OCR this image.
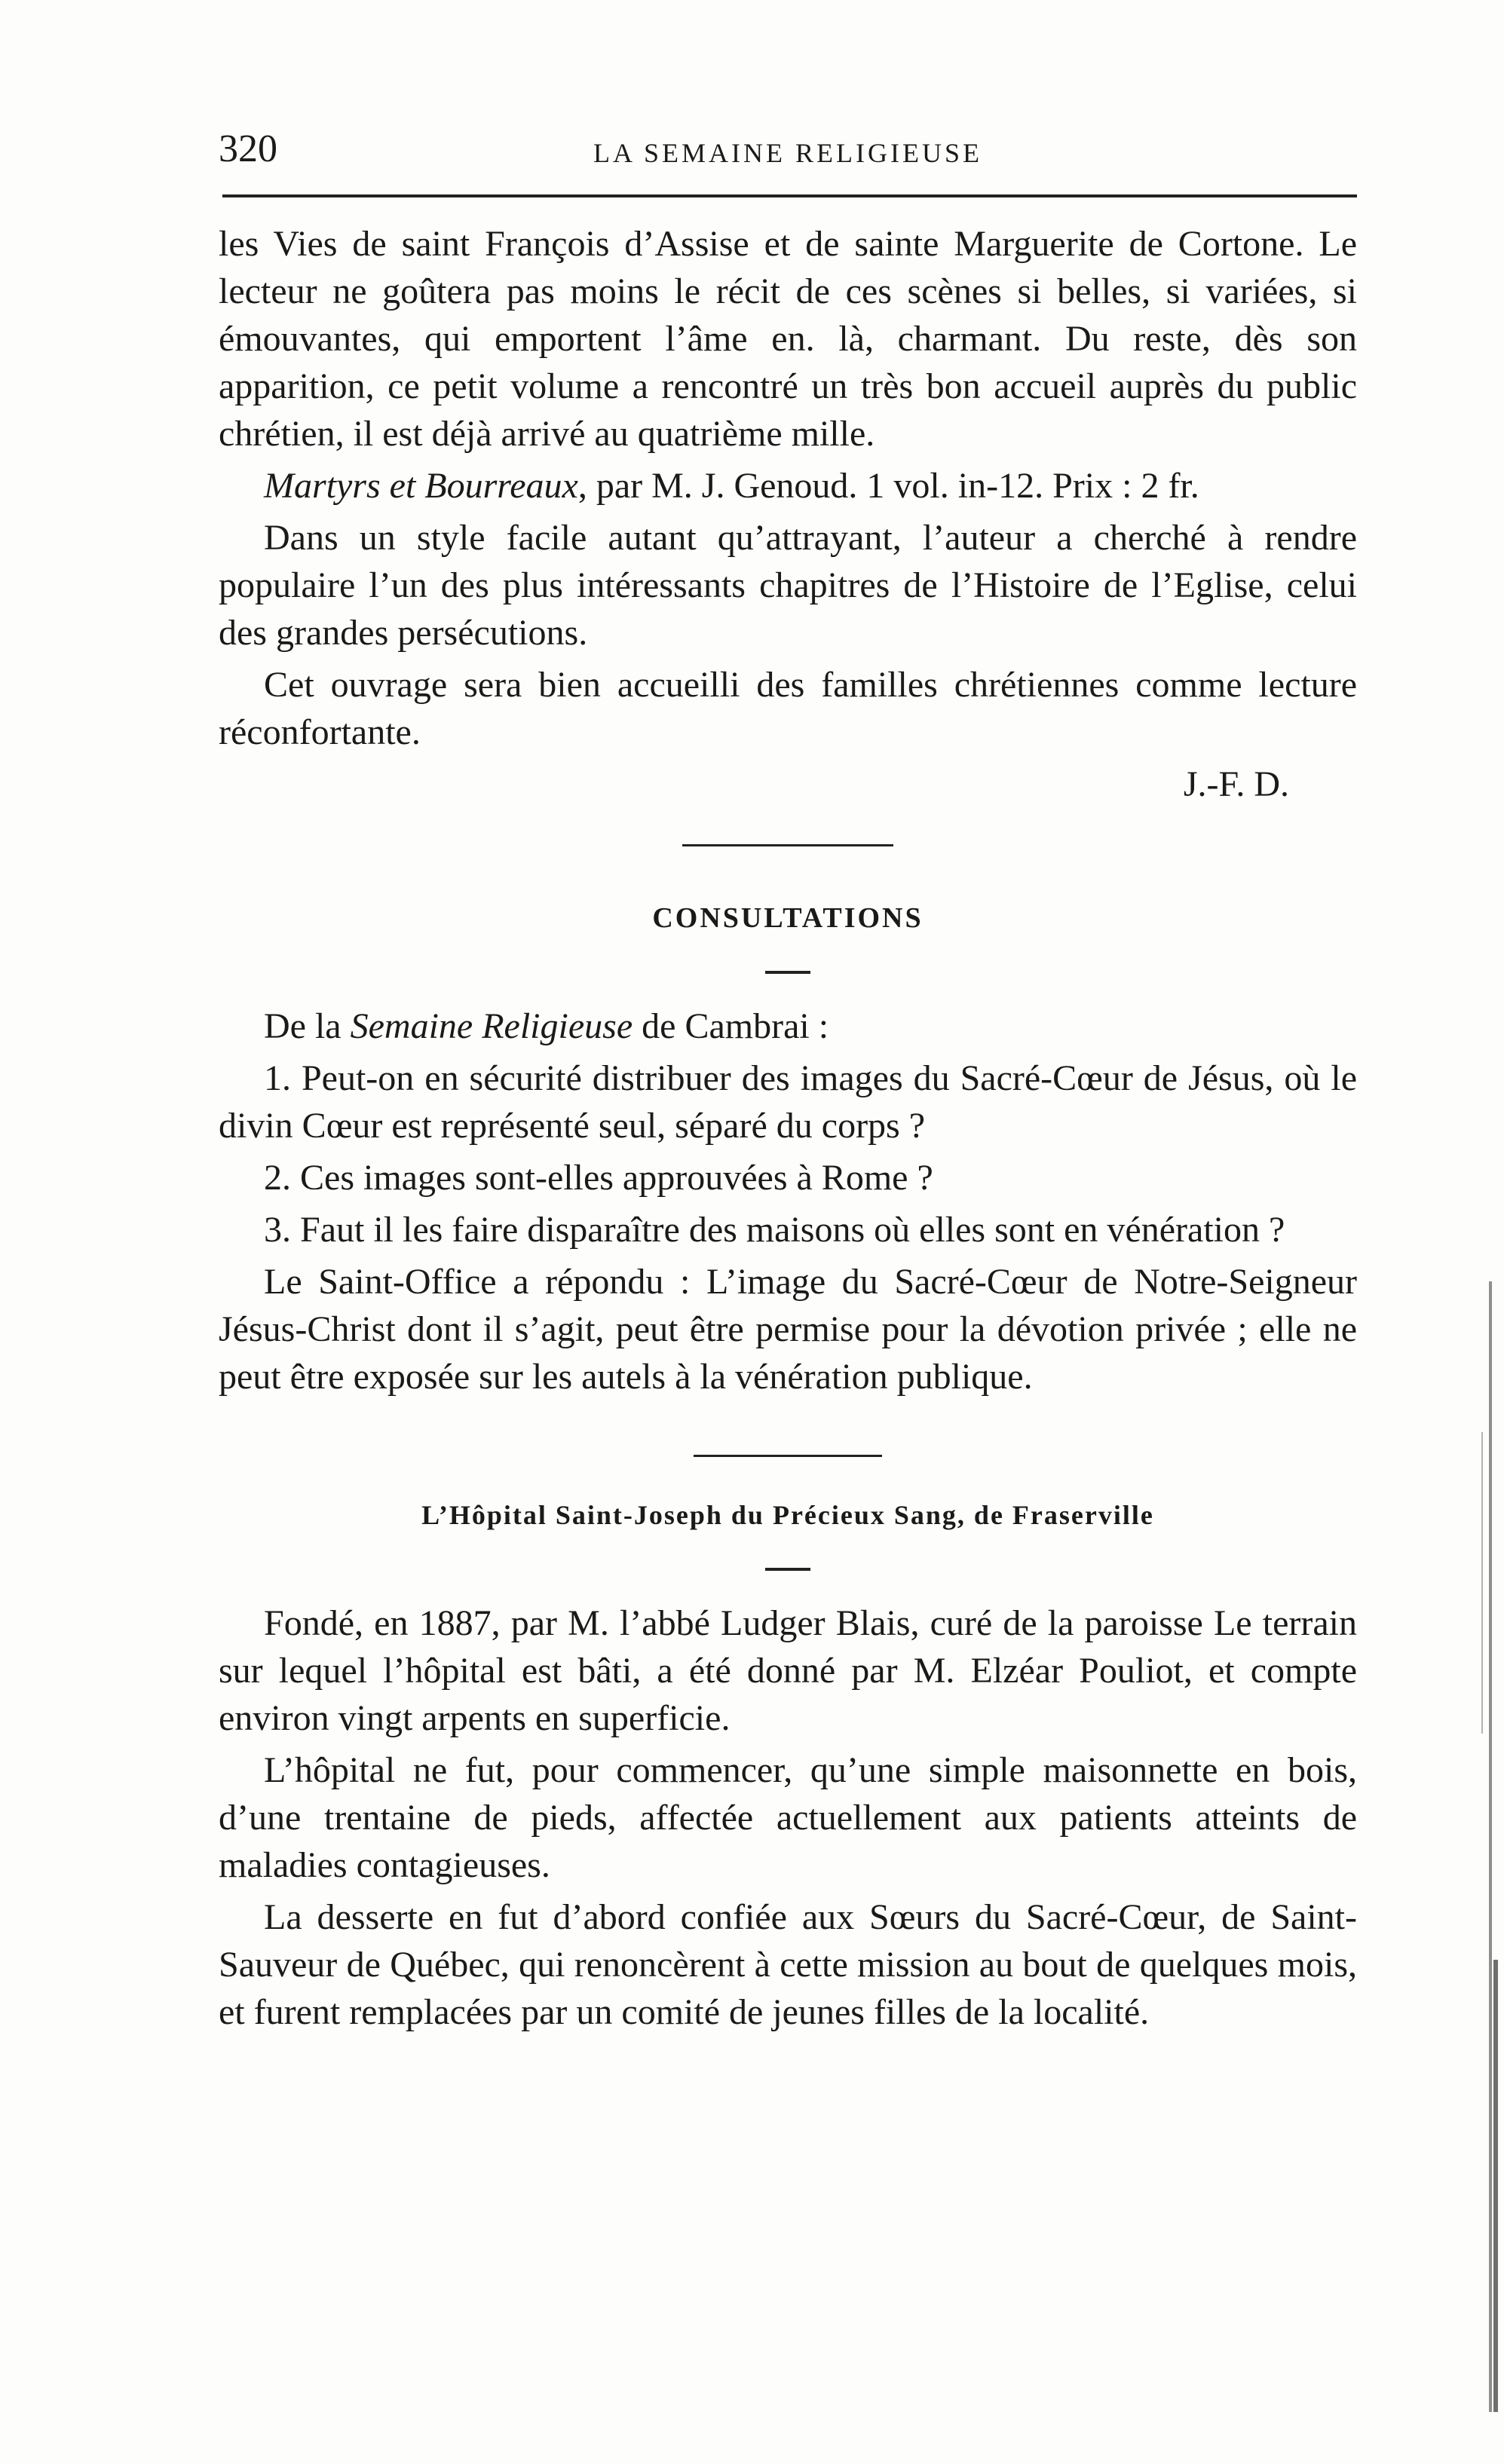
320	LA SEMAINE RELIGIEUSE

les Vies de saint François d’Assise et de sainte Marguerite de Cortone. Le lecteur ne goûtera pas moins le récit de ces scènes si belles, si variées, si émouvantes, qui emportent l’âme en. là, charmant. Du reste, dès son apparition, ce petit volume a rencontré un très bon accueil auprès du public chrétien, il est déjà arrivé au quatrième mille.

Martyrs et Bourreaux, par M. J. Genoud. 1 vol. in-12. Prix : 2 fr.

Dans un style facile autant qu’attrayant, l’auteur a cherché à rendre populaire l’un des plus intéressants chapitres de l’Histoire de l’Eglise, celui des grandes persécutions.

Cet ouvrage sera bien accueilli des familles chrétiennes comme lecture réconfortante.

J.-F. D.

CONSULTATIONS

De la Semaine Religieuse de Cambrai :

1. Peut-on en sécurité distribuer des images du Sacré-Cœur de Jésus, où le divin Cœur est représenté seul, séparé du corps ?

2. Ces images sont-elles approuvées à Rome ?

3. Faut il les faire disparaître des maisons où elles sont en vénération ?

Le Saint-Office a répondu : L’image du Sacré-Cœur de Notre-Seigneur Jésus-Christ dont il s’agit, peut être permise pour la dévotion privée ; elle ne peut être exposée sur les autels à la vénération publique.

L’Hôpital Saint-Joseph du Précieux Sang, de Fraserville

Fondé, en 1887, par M. l’abbé Ludger Blais, curé de la paroisse Le terrain sur lequel l’hôpital est bâti, a été donné par M. Elzéar Pouliot, et compte environ vingt arpents en superficie.

L’hôpital ne fut, pour commencer, qu’une simple maisonnette en bois, d’une trentaine de pieds, affectée actuellement aux patients atteints de maladies contagieuses.

La desserte en fut d’abord confiée aux Sœurs du Sacré-Cœur, de Saint-Sauveur de Québec, qui renoncèrent à cette mission au bout de quelques mois, et furent remplacées par un comité de jeunes filles de la localité.
